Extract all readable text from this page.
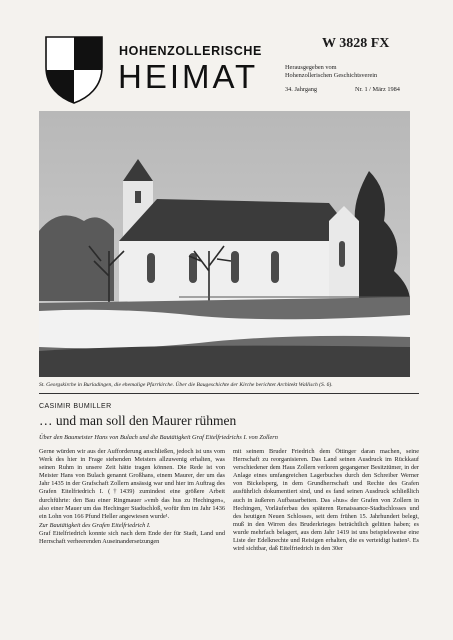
HOHENZOLLERISCHE
HEIMAT
W 3828 FX
Herausgegeben vom
Hohenzollerischen Geschichtsverein
34. Jahrgang	Nr. 1 / März 1984
St. Georgskirche in Burladingen, die ehemalige Pfarrkirche. Über die Baugeschichte der Kirche berichtet Architekt Wallisch (S. 6).
CASIMIR BUMILLER
… und man soll den Maurer rühmen
Über den Baumeister Hans von Bulach und die Bautätigkeit Graf Eitelfriedrichs I. von Zollern

Gerne würden wir aus der Aufforderung anschließen, jedoch ist uns vom Werk des hier in Frage stehenden Meisters allzuwenig erhalten, was seinen Ruhm in unsere Zeit hätte tragen können. Die Rede ist von Meister Hans von Bulach genannt Großhans, einem Maurer, der um das Jahr 1435 in der Grafschaft Zollern ansässig war und hier im Auftrag des Grafen Eitelfriedrich I. (†1439) zumindest eine größere Arbeit durchführte: den Bau einer Ringmauer »vmb das hus zu Hechingen«, also einer Mauer um das Hechinger Stadtschloß, wofür ihm im Jahr 1436 ein Lohn von 166 Pfund Heller angewiesen wurde¹.

Zur Bautätigkeit des Grafen Eitelfriedrich I.

Graf Eitelfriedrich konnte sich nach dem Ende der für Stadt, Land und Herrschaft verheerenden Auseinandersetzungen

mit seinem Bruder Friedrich dem Öttinger daran machen, seine Herrschaft zu reorganisieren. Das Land seinen Ausdruck im Rückkauf verschiedener dem Haus Zollern verloren gegangener Besitztümer, in der Anlage eines umfangreichen Lagerbuches durch den Schreiber Werner von Bickelsperg, in dem Grundherrschaft und Rechte des Grafen ausführlich dokumentiert sind, und es fand seinen Ausdruck schließlich auch in äußeren Aufbauarbeiten. Das »hus« der Grafen von Zollern in Hechingen, Vorläuferbau des späteren Renaissance-Stadtschlosses und des heutigen Neuen Schlosses, seit dem frühen 15. Jahrhundert belegt, muß in den Wirren des Bruderkrieges beträchtlich gelitten haben; es wurde mehrfach belagert, aus dem Jahr 1419 ist uns beispielsweise eine Liste der Edelknechte und Reisigen erhalten, die es verteidigt hatten². Es wird sichtbar, daß Eitelfriedrich in den 30er
